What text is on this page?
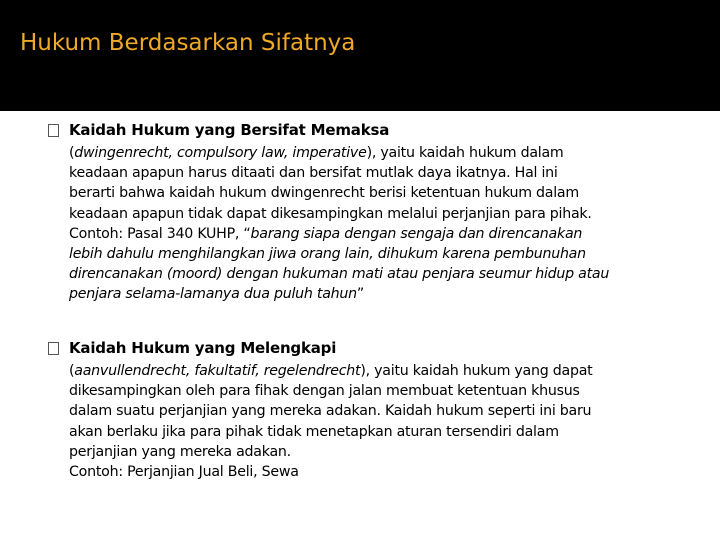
Hukum Berdasarkan Sifatnya
Kaidah Hukum yang Bersifat Memaksa
(dwingenrecht, compulsory law, imperative), yaitu kaidah hukum dalam
keadaan apapun harus ditaati dan bersifat mutlak daya ikatnya. Hal ini
berarti bahwa kaidah hukum dwingenrecht berisi ketentuan hukum dalam
keadaan apapun tidak dapat dikesampingkan melalui perjanjian para pihak.
Contoh: Pasal 340 KUHP, “barang siapa dengan sengaja dan direncanakan
lebih dahulu menghilangkan jiwa orang lain, dihukum karena pembunuhan
direncanakan (moord) dengan hukuman mati atau penjara seumur hidup atau
penjara selama-lamanya dua puluh tahun”
Kaidah Hukum yang Melengkapi
(aanvullendrecht, fakultatif, regelendrecht), yaitu kaidah hukum yang dapat
dikesampingkan oleh para fihak dengan jalan membuat ketentuan khusus
dalam suatu perjanjian yang mereka adakan. Kaidah hukum seperti ini baru
akan berlaku jika para pihak tidak menetapkan aturan tersendiri dalam
perjanjian yang mereka adakan.
Contoh: Perjanjian Jual Beli, Sewa
